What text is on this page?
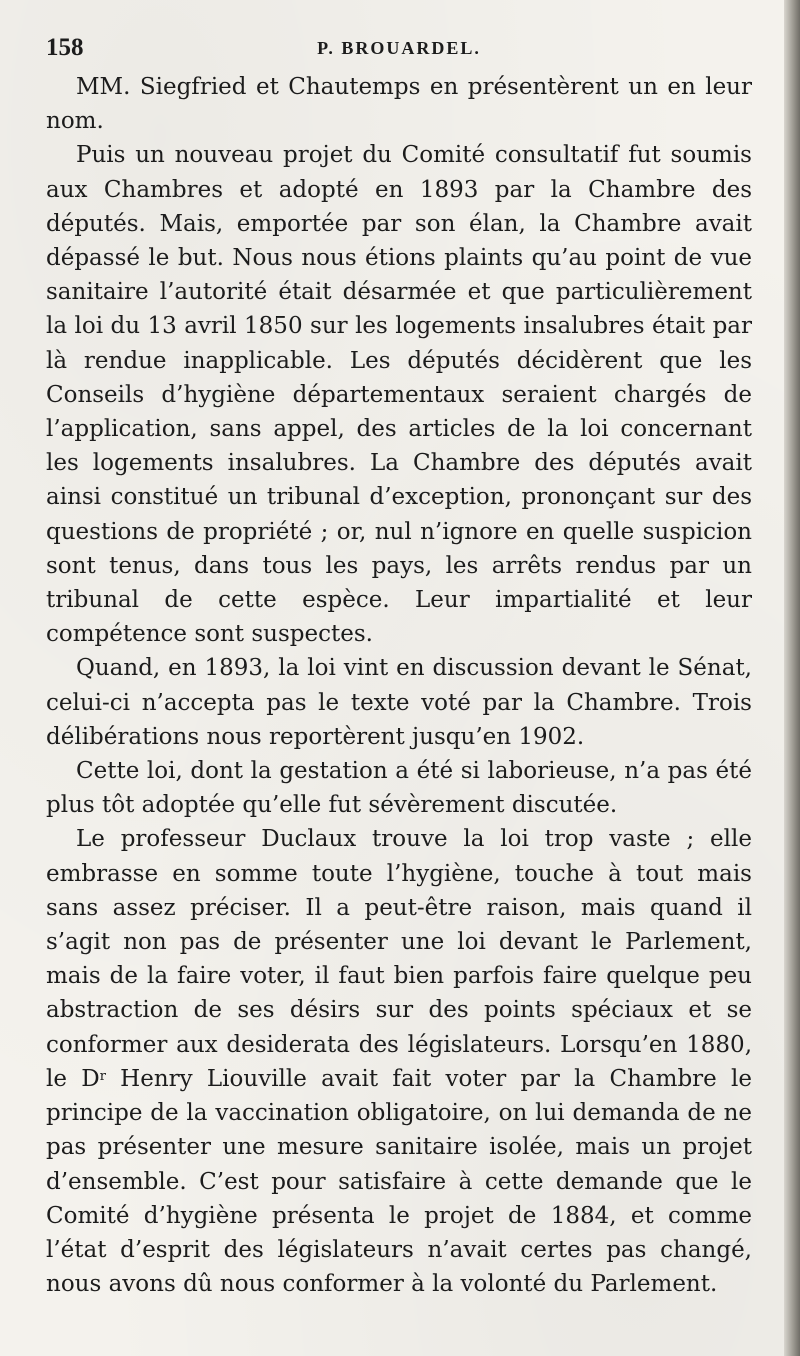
158	P. BROUARDEL.

MM. Siegfried et Chautemps en présentèrent un en leur nom.

Puis un nouveau projet du Comité consultatif fut soumis aux Chambres et adopté en 1893 par la Chambre des députés. Mais, emportée par son élan, la Chambre avait dépassé le but. Nous nous étions plaints qu’au point de vue sanitaire l’autorité était désarmée et que particulièrement la loi du 13 avril 1850 sur les logements insalubres était par là rendue inapplicable. Les députés décidèrent que les Conseils d’hygiène départementaux seraient chargés de l’application, sans appel, des articles de la loi concernant les logements insalubres. La Chambre des députés avait ainsi constitué un tribunal d’exception, prononçant sur des questions de propriété ; or, nul n’ignore en quelle suspicion sont tenus, dans tous les pays, les arrêts rendus par un tribunal de cette espèce. Leur impartialité et leur compétence sont suspectes.

Quand, en 1893, la loi vint en discussion devant le Sénat, celui-ci n’accepta pas le texte voté par la Chambre. Trois délibérations nous reportèrent jusqu’en 1902.

Cette loi, dont la gestation a été si laborieuse, n’a pas été plus tôt adoptée qu’elle fut sévèrement discutée.

Le professeur Duclaux trouve la loi trop vaste ; elle embrasse en somme toute l’hygiène, touche à tout mais sans assez préciser. Il a peut-être raison, mais quand il s’agit non pas de présenter une loi devant le Parlement, mais de la faire voter, il faut bien parfois faire quelque peu abstraction de ses désirs sur des points spéciaux et se conformer aux desiderata des législateurs. Lorsqu’en 1880, le $D^r$ Henry Liouville avait fait voter par la Chambre le principe de la vaccination obligatoire, on lui demanda de ne pas présenter une mesure sanitaire isolée, mais un projet d’ensemble. C’est pour satisfaire à cette demande que le Comité d’hygiène présenta le projet de 1884, et comme l’état d’esprit des législateurs n’avait certes pas changé, nous avons dû nous conformer à la volonté du Parlement.
